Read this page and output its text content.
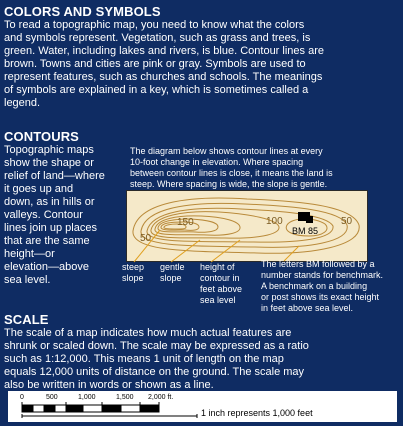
COLORS AND SYMBOLS
To read a topographic map, you need to know what the colors
and symbols represent. Vegetation, such as grass and trees, is
green. Water, including lakes and rivers, is blue. Contour lines are
brown. Towns and cities are pink or gray. Symbols are used to
represent features, such as churches and schools. The meanings
of symbols are explained in a key, which is sometimes called a
legend.
CONTOURS
Topographic maps
show the shape or
relief of land—where
it goes up and
down, as in hills or
valleys. Contour
lines join up places
that are the same
height—or
elevation—above
sea level.
The diagram below shows contour lines at every
10-foot change in elevation. Where spacing
between contour lines is close, it means the land is
steep. Where spacing is wide, the slope is gentle.
150	100
50
50
BM 85
steep
slope
gentle
slope
height of
contour in
feet above
sea level
The letters BM followed by a
number stands for benchmark.
A benchmark on a building
or post shows its exact height
in feet above sea level.
SCALE
The scale of a map indicates how much actual features are
shrunk or scaled down. The scale may be expressed as a ratio
such as 1:12,000. This means 1 unit of length on the map
equals 12,000 units of distance on the ground. The scale may
also be written in words or shown as a line.
0	500	1,000	1,500 2,000 ft.
1 inch represents 1,000 feet
